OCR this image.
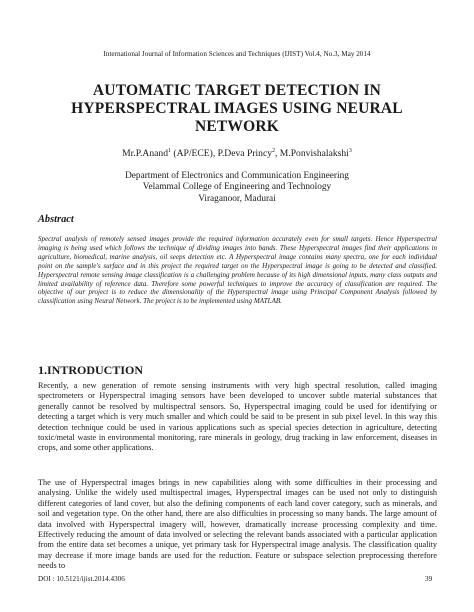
International Journal of Information Sciences and Techniques (IJIST) Vol.4, No.3, May 2014
AUTOMATIC TARGET DETECTION IN
HYPERSPECTRAL IMAGES USING NEURAL
NETWORK
Mr.P.Anand$^1$ (AP/ECE), P.Deva Princy$^2$, M.Ponvishalakshi$^3$
Department of Electronics and Communication Engineering
Velammal College of Engineering and Technology
Viraganoor, Madurai
Abstract
Spectral analysis of remotely sensed images provide the required information accurately even for small targets. Hence Hyperspectral imaging is being used which follows the technique of dividing images into bands. These Hyperspectral images find their applications in agriculture, biomedical, marine analysis, oil seeps detection etc. A Hyperspectral image contains many spectra, one for each individual point on the sample's surface and in this project the required target on the Hyperspectral image is going to be detected and classified. Hyperspectral remote sensing image classification is a challenging problem because of its high dimensional inputs, many class outputs and limited availability of reference data. Therefore some powerful techniques to improve the accuracy of classification are required. The objective of our project is to reduce the dimensionality of the Hyperspectral image using Principal Component Analysis followed by classification using Neural Network. The project is to be implemented using MATLAB.
1.INTRODUCTION
Recently, a new generation of remote sensing instruments with very high spectral resolution, called imaging spectrometers or Hyperspectral imaging sensors have been developed to uncover subtle material substances that generally cannot be resolved by multispectral sensors. So, Hyperspectral imaging could be used for identifying or detecting a target which is very much smaller and which could be said to be present in sub pixel level. In this way this detection technique could be used in various applications such as special species detection in agriculture, detecting toxic/metal waste in environmental monitoring, rare minerals in geology, drug tracking in law enforcement, diseases in crops, and some other applications.
The use of Hyperspectral images brings in new capabilities along with some difficulties in their processing and analysing. Unlike the widely used multispectral images, Hyperspectral images can be used not only to distinguish different categories of land cover, but also the defining components of each land cover category, such as minerals, and soil and vegetation type. On the other hand, there are also difficulties in processing so many bands. The large amount of data involved with Hyperspectral imagery will, however, dramatically increase processing complexity and time. Effectively reducing the amount of data involved or selecting the relevant bands associated with a particular application from the entire data set becomes a unique, yet primary task for Hyperspectral image analysis. The classification quality may decrease if more image bands are used for the reduction. Feature or subspace selection preprocessing therefore needs to
DOI : 10.5121/ijist.2014.4306	39
